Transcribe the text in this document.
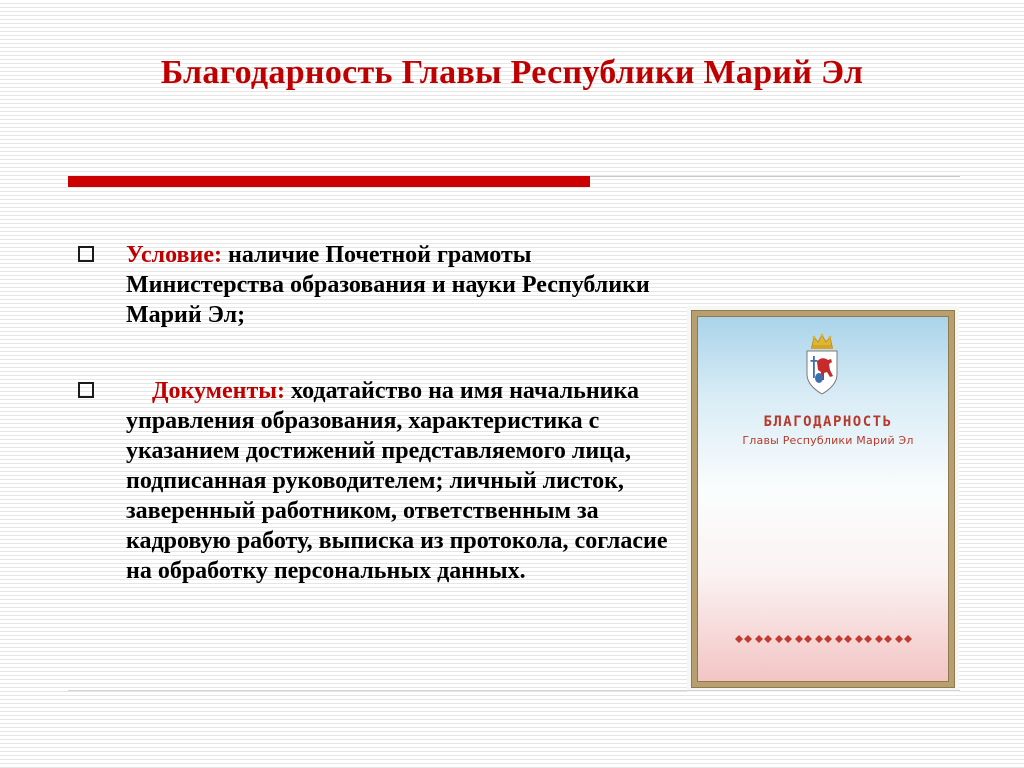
Благодарность Главы Республики Марий Эл
Условие: наличие Почетной грамоты Министерства образования и науки Республики Марий Эл;
Документы: ходатайство на имя начальника управления образования, характеристика с указанием достижений представляемого лица, подписанная руководителем; личный листок, заверенный работником, ответственным за кадровую работу, выписка из протокола, согласие на обработку персональных данных.
БЛАГОДАРНОСТЬ
Главы Республики Марий Эл
